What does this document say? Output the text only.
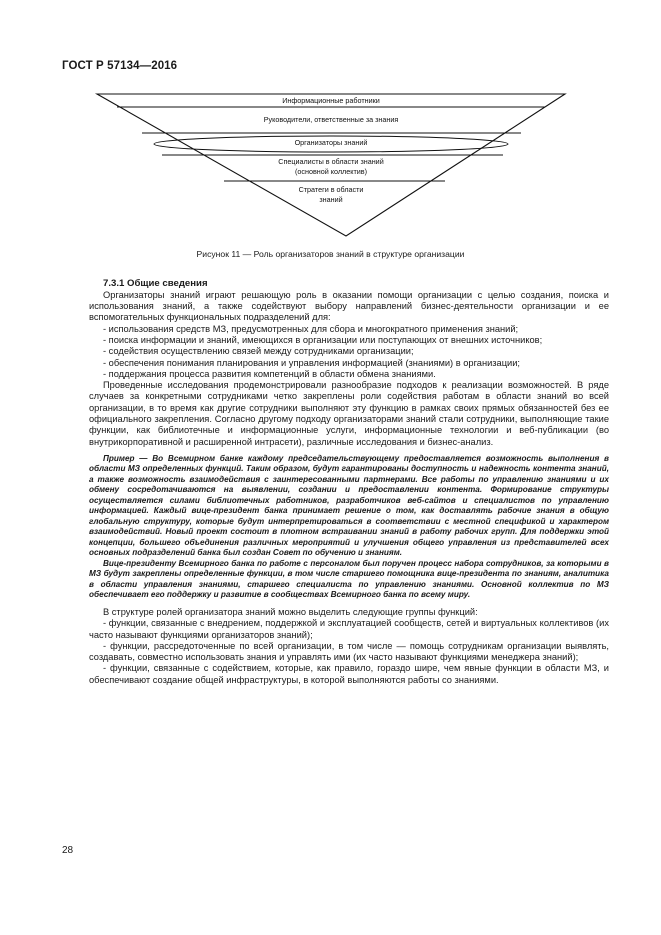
ГОСТ Р 57134—2016
Информационные работники
Руководители, ответственные за знания
Организаторы знаний
Специалисты в области знаний
(основной коллектив)
Стратеги в области
знаний
Рисунок 11 — Роль организаторов знаний в структуре организации

7.3.1 Общие сведения

Организаторы знаний играют решающую роль в оказании помощи организации с целью создания, поиска и использования знаний, а также содействуют выбору направлений бизнес-деятельности организации и ее вспомогательных функциональных подразделений для:

- использования средств МЗ, предусмотренных для сбора и многократного применения знаний;

- поиска информации и знаний, имеющихся в организации или поступающих от внешних источников;

- содействия осуществлению связей между сотрудниками организации;

- обеспечения понимания планирования и управления информацией (знаниями) в организации;

- поддержания процесса развития компетенций в области обмена знаниями.

Проведенные исследования продемонстрировали разнообразие подходов к реализации возможностей. В ряде случаев за конкретными сотрудниками четко закреплены роли содействия работам в области знаний во всей организации, в то время как другие сотрудники выполняют эту функцию в рамках своих прямых обязанностей без ее официального закрепления. Согласно другому подходу организаторами знаний стали сотрудники, выполняющие такие функции, как библиотечные и информационные услуги, информационные технологии и веб-публикации (во внутрикорпоративной и расширенной интрасети), различные исследования и бизнес-анализ.

Пример — Во Всемирном банке каждому председательствующему предоставляется возможность выполнения в области МЗ определенных функций. Таким образом, будут гарантированы доступность и надежность контента знаний, а также возможность взаимодействия с заинтересованными партнерами. Все работы по управлению знаниями и их обмену сосредотачиваются на выявлении, создании и предоставлении контента. Формирование структуры осуществляется силами библиотечных работников, разработчиков веб-сайтов и специалистов по управлению информацией. Каждый вице-президент банка принимает решение о том, как доставлять рабочие знания в общую глобальную структуру, которые будут интерпретироваться в соответствии с местной спецификой и характером взаимодействий. Новый проект состоит в плотном встраивании знаний в работу рабочих групп. Для поддержки этой концепции, большего объединения различных мероприятий и улучшения общего управления из представителей всех основных подразделений банка был создан Совет по обучению и знаниям.

Вице-президенту Всемирного банка по работе с персоналом был поручен процесс набора сотрудников, за которыми в МЗ будут закреплены определенные функции, в том числе старшего помощника вице-президента по знаниям, аналитика в области управления знаниями, старшего специалиста по управлению знаниями. Основной коллектив по МЗ обеспечивает его поддержку и развитие в сообществах Всемирного банка по всему миру.

В структуре ролей организатора знаний можно выделить следующие группы функций:

- функции, связанные с внедрением, поддержкой и эксплуатацией сообществ, сетей и виртуальных коллективов (их часто называют функциями организаторов знаний);

- функции, рассредоточенные по всей организации, в том числе — помощь сотрудникам организации выявлять, создавать, совместно использовать знания и управлять ими (их часто называют функциями менеджера знаний);

- функции, связанные с содействием, которые, как правило, гораздо шире, чем явные функции в области МЗ, и обеспечивают создание общей инфраструктуры, в которой выполняются работы со знаниями.

28
